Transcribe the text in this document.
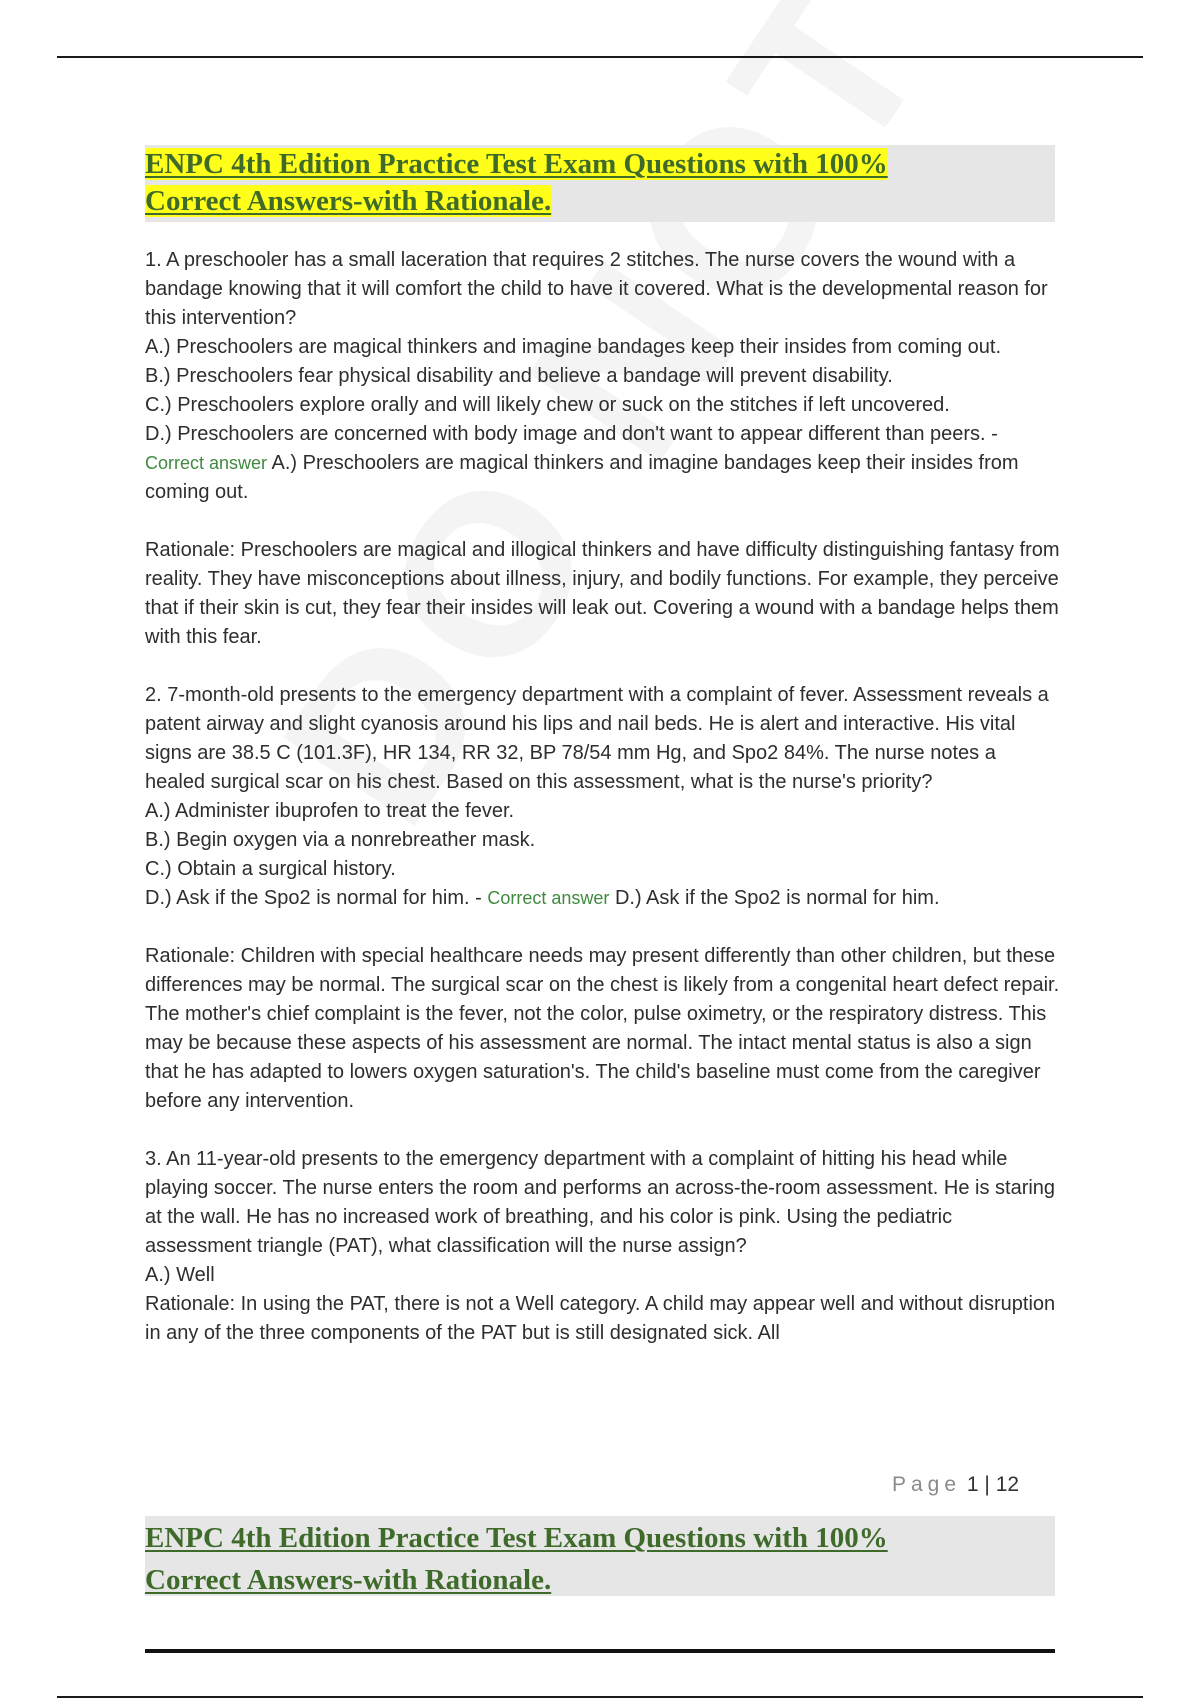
ENPC 4th Edition Practice Test Exam Questions with 100%
Correct Answers-with Rationale.

1. A preschooler has a small laceration that requires 2 stitches. The nurse covers the wound with a bandage knowing that it will comfort the child to have it covered. What is the developmental reason for this intervention?

A.) Preschoolers are magical thinkers and imagine bandages keep their insides from coming out.

B.) Preschoolers fear physical disability and believe a bandage will prevent disability.

C.) Preschoolers explore orally and will likely chew or suck on the stitches if left uncovered.

D.) Preschoolers are concerned with body image and don't want to appear different than peers. - Correct answer A.) Preschoolers are magical thinkers and imagine bandages keep their insides from coming out.

Rationale: Preschoolers are magical and illogical thinkers and have difficulty distinguishing fantasy from reality. They have misconceptions about illness, injury, and bodily functions. For example, they perceive that if their skin is cut, they fear their insides will leak out. Covering a wound with a bandage helps them with this fear.

2. 7-month-old presents to the emergency department with a complaint of fever. Assessment reveals a patent airway and slight cyanosis around his lips and nail beds. He is alert and interactive. His vital signs are 38.5 C (101.3F), HR 134, RR 32, BP 78/54 mm Hg, and Spo2 84%. The nurse notes a healed surgical scar on his chest. Based on this assessment, what is the nurse's priority?

A.) Administer ibuprofen to treat the fever.

B.) Begin oxygen via a nonrebreather mask.

C.) Obtain a surgical history.

D.) Ask if the Spo2 is normal for him. - Correct answer D.) Ask if the Spo2 is normal for him.

Rationale: Children with special healthcare needs may present differently than other children, but these differences may be normal. The surgical scar on the chest is likely from a congenital heart defect repair. The mother's chief complaint is the fever, not the color, pulse oximetry, or the respiratory distress. This may be because these aspects of his assessment are normal. The intact mental status is also a sign that he has adapted to lowers oxygen saturation's. The child's baseline must come from the caregiver before any intervention.

3. An 11-year-old presents to the emergency department with a complaint of hitting his head while playing soccer. The nurse enters the room and performs an across-the-room assessment. He is staring at the wall. He has no increased work of breathing, and his color is pink. Using the pediatric assessment triangle (PAT), what classification will the nurse assign?

A.) Well

Rationale: In using the PAT, there is not a Well category. A child may appear well and without disruption in any of the three components of the PAT but is still designated sick. All

Page 1 | 12
ENPC 4th Edition Practice Test Exam Questions with 100%
Correct Answers-with Rationale.
